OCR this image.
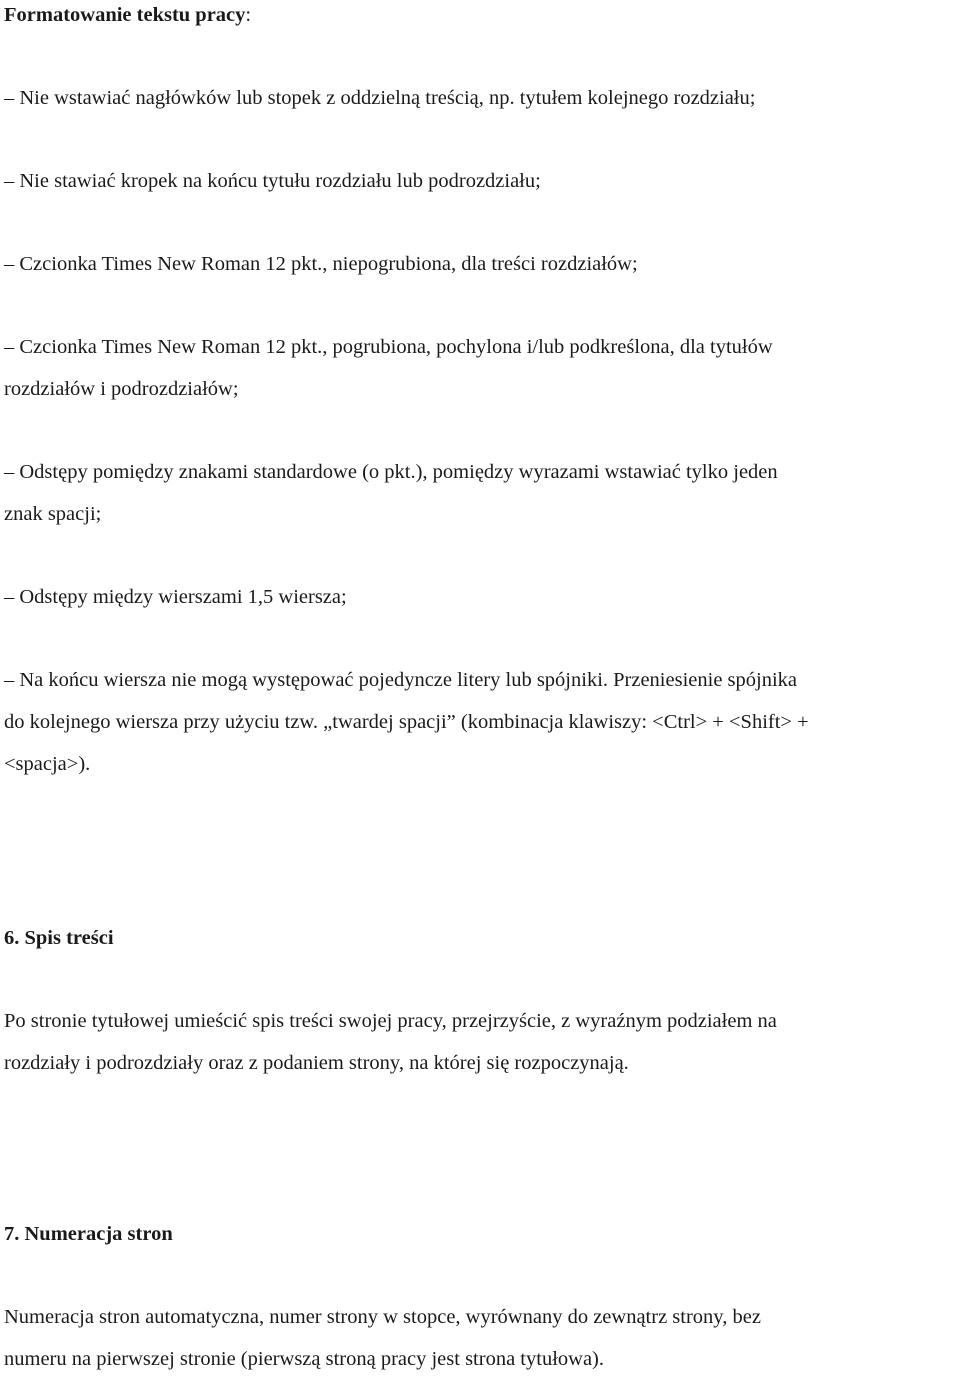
Formatowanie tekstu pracy:
– Nie wstawiać nagłówków lub stopek z oddzielną treścią, np. tytułem kolejnego rozdziału;
– Nie stawiać kropek na końcu tytułu rozdziału lub podrozdziału;
– Czcionka Times New Roman 12 pkt., niepogrubiona, dla treści rozdziałów;
– Czcionka Times New Roman 12 pkt., pogrubiona, pochylona i/lub podkreślona, dla tytułów
rozdziałów i podrozdziałów;
– Odstępy pomiędzy znakami standardowe (o pkt.), pomiędzy wyrazami wstawiać tylko jeden
znak spacji;
– Odstępy między wierszami 1,5 wiersza;
– Na końcu wiersza nie mogą występować pojedyncze litery lub spójniki. Przeniesienie spójnika
do kolejnego wiersza przy użyciu tzw. „twardej spacji” (kombinacja klawiszy: <Ctrl> + <Shift> +
<spacja>).
6. Spis treści
Po stronie tytułowej umieścić spis treści swojej pracy, przejrzyście, z wyraźnym podziałem na
rozdziały i podrozdziały oraz z podaniem strony, na której się rozpoczynają.
7. Numeracja stron
Numeracja stron automatyczna, numer strony w stopce, wyrównany do zewnątrz strony, bez
numeru na pierwszej stronie (pierwszą stroną pracy jest strona tytułowa).
